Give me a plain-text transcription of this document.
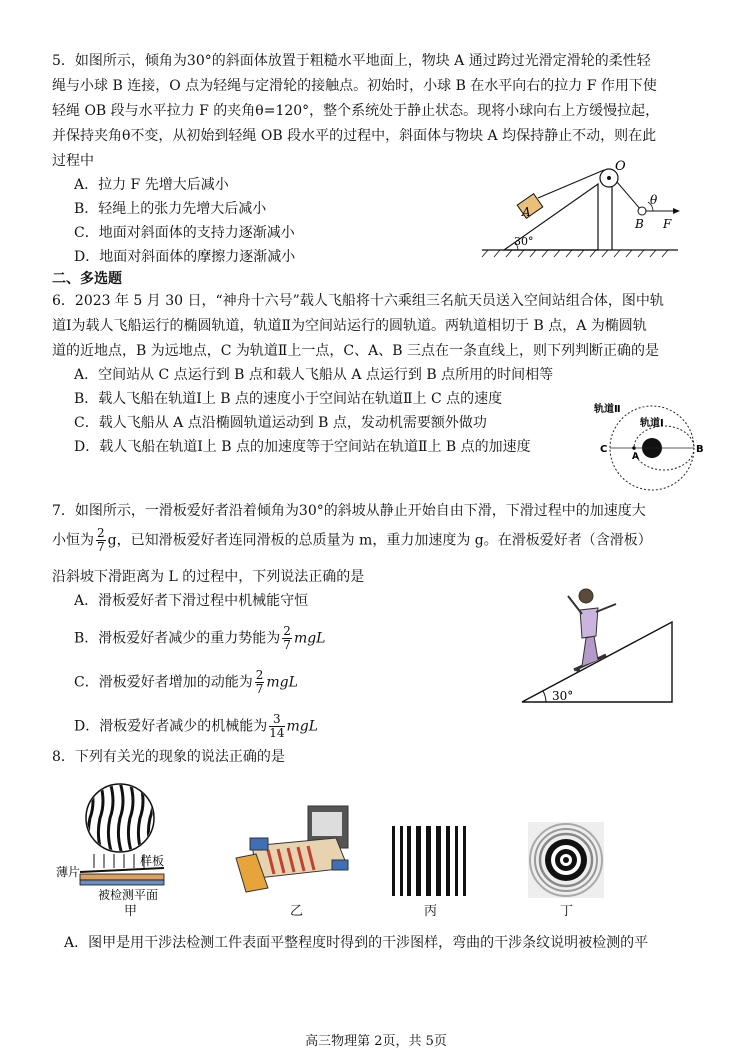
5．如图所示，倾角为30°的斜面体放置于粗糙水平地面上，物块 A 通过跨过光滑定滑轮的柔性轻
绳与小球 B 连接，O 点为轻绳与定滑轮的接触点。初始时，小球 B 在水平向右的拉力 F 作用下使
轻绳 OB 段与水平拉力 F 的夹角θ=120°，整个系统处于静止状态。现将小球向右上方缓慢拉起，
并保持夹角θ不变，从初始到轻绳 OB 段水平的过程中，斜面体与物块 A 均保持静止不动，则在此
过程中
A．拉力 F 先增大后减小
B．轻绳上的张力先增大后减小
C．地面对斜面体的支持力逐渐减小
D．地面对斜面体的摩擦力逐渐减小
A
O
θ
B F
30°
二、多选题
6．2023 年 5 月 30 日，“神舟十六号”载人飞船将十六乘组三名航天员送入空间站组合体，图中轨
道Ⅰ为载人飞船运行的椭圆轨道，轨道Ⅱ为空间站运行的圆轨道。两轨道相切于 B 点，A 为椭圆轨
道的近地点，B 为远地点，C 为轨道Ⅱ上一点，C、A、B 三点在一条直线上，则下列判断正确的是
A．空间站从 C 点运行到 B 点和载人飞船从 A 点运行到 B 点所用的时间相等
B．载人飞船在轨道Ⅰ上 B 点的速度小于空间站在轨道Ⅱ上 C 点的速度
C．载人飞船从 A 点沿椭圆轨道运动到 B 点，发动机需要额外做功
D．载人飞船在轨道Ⅰ上 B 点的加速度等于空间站在轨道Ⅱ上 B 点的加速度
轨道Ⅱ
轨道Ⅰ
C
A
B
7．如图所示，一滑板爱好者沿着倾角为30°的斜坡从静止开始自由下滑，下滑过程中的加速度大
小恒为 $\frac{2}{7}$ g，已知滑板爱好者连同滑板的总质量为 m，重力加速度为 g。在滑板爱好者（含滑板）
沿斜坡下滑距离为 L 的过程中，下列说法正确的是
A．滑板爱好者下滑过程中机械能守恒
B．滑板爱好者减少的重力势能为 $\frac{2}{7}$ mgL
C．滑板爱好者增加的动能为 $\frac{2}{7}$ mgL
D．滑板爱好者减少的机械能为 $\frac{3}{14}$ mgL
30°
8．下列有关光的现象的说法正确的是
薄片
样板
被检测平面
甲	乙	丙	丁
A．图甲是用干涉法检测工件表面平整程度时得到的干涉图样，弯曲的干涉条纹说明被检测的平
高三物理第 2页，共 5页
